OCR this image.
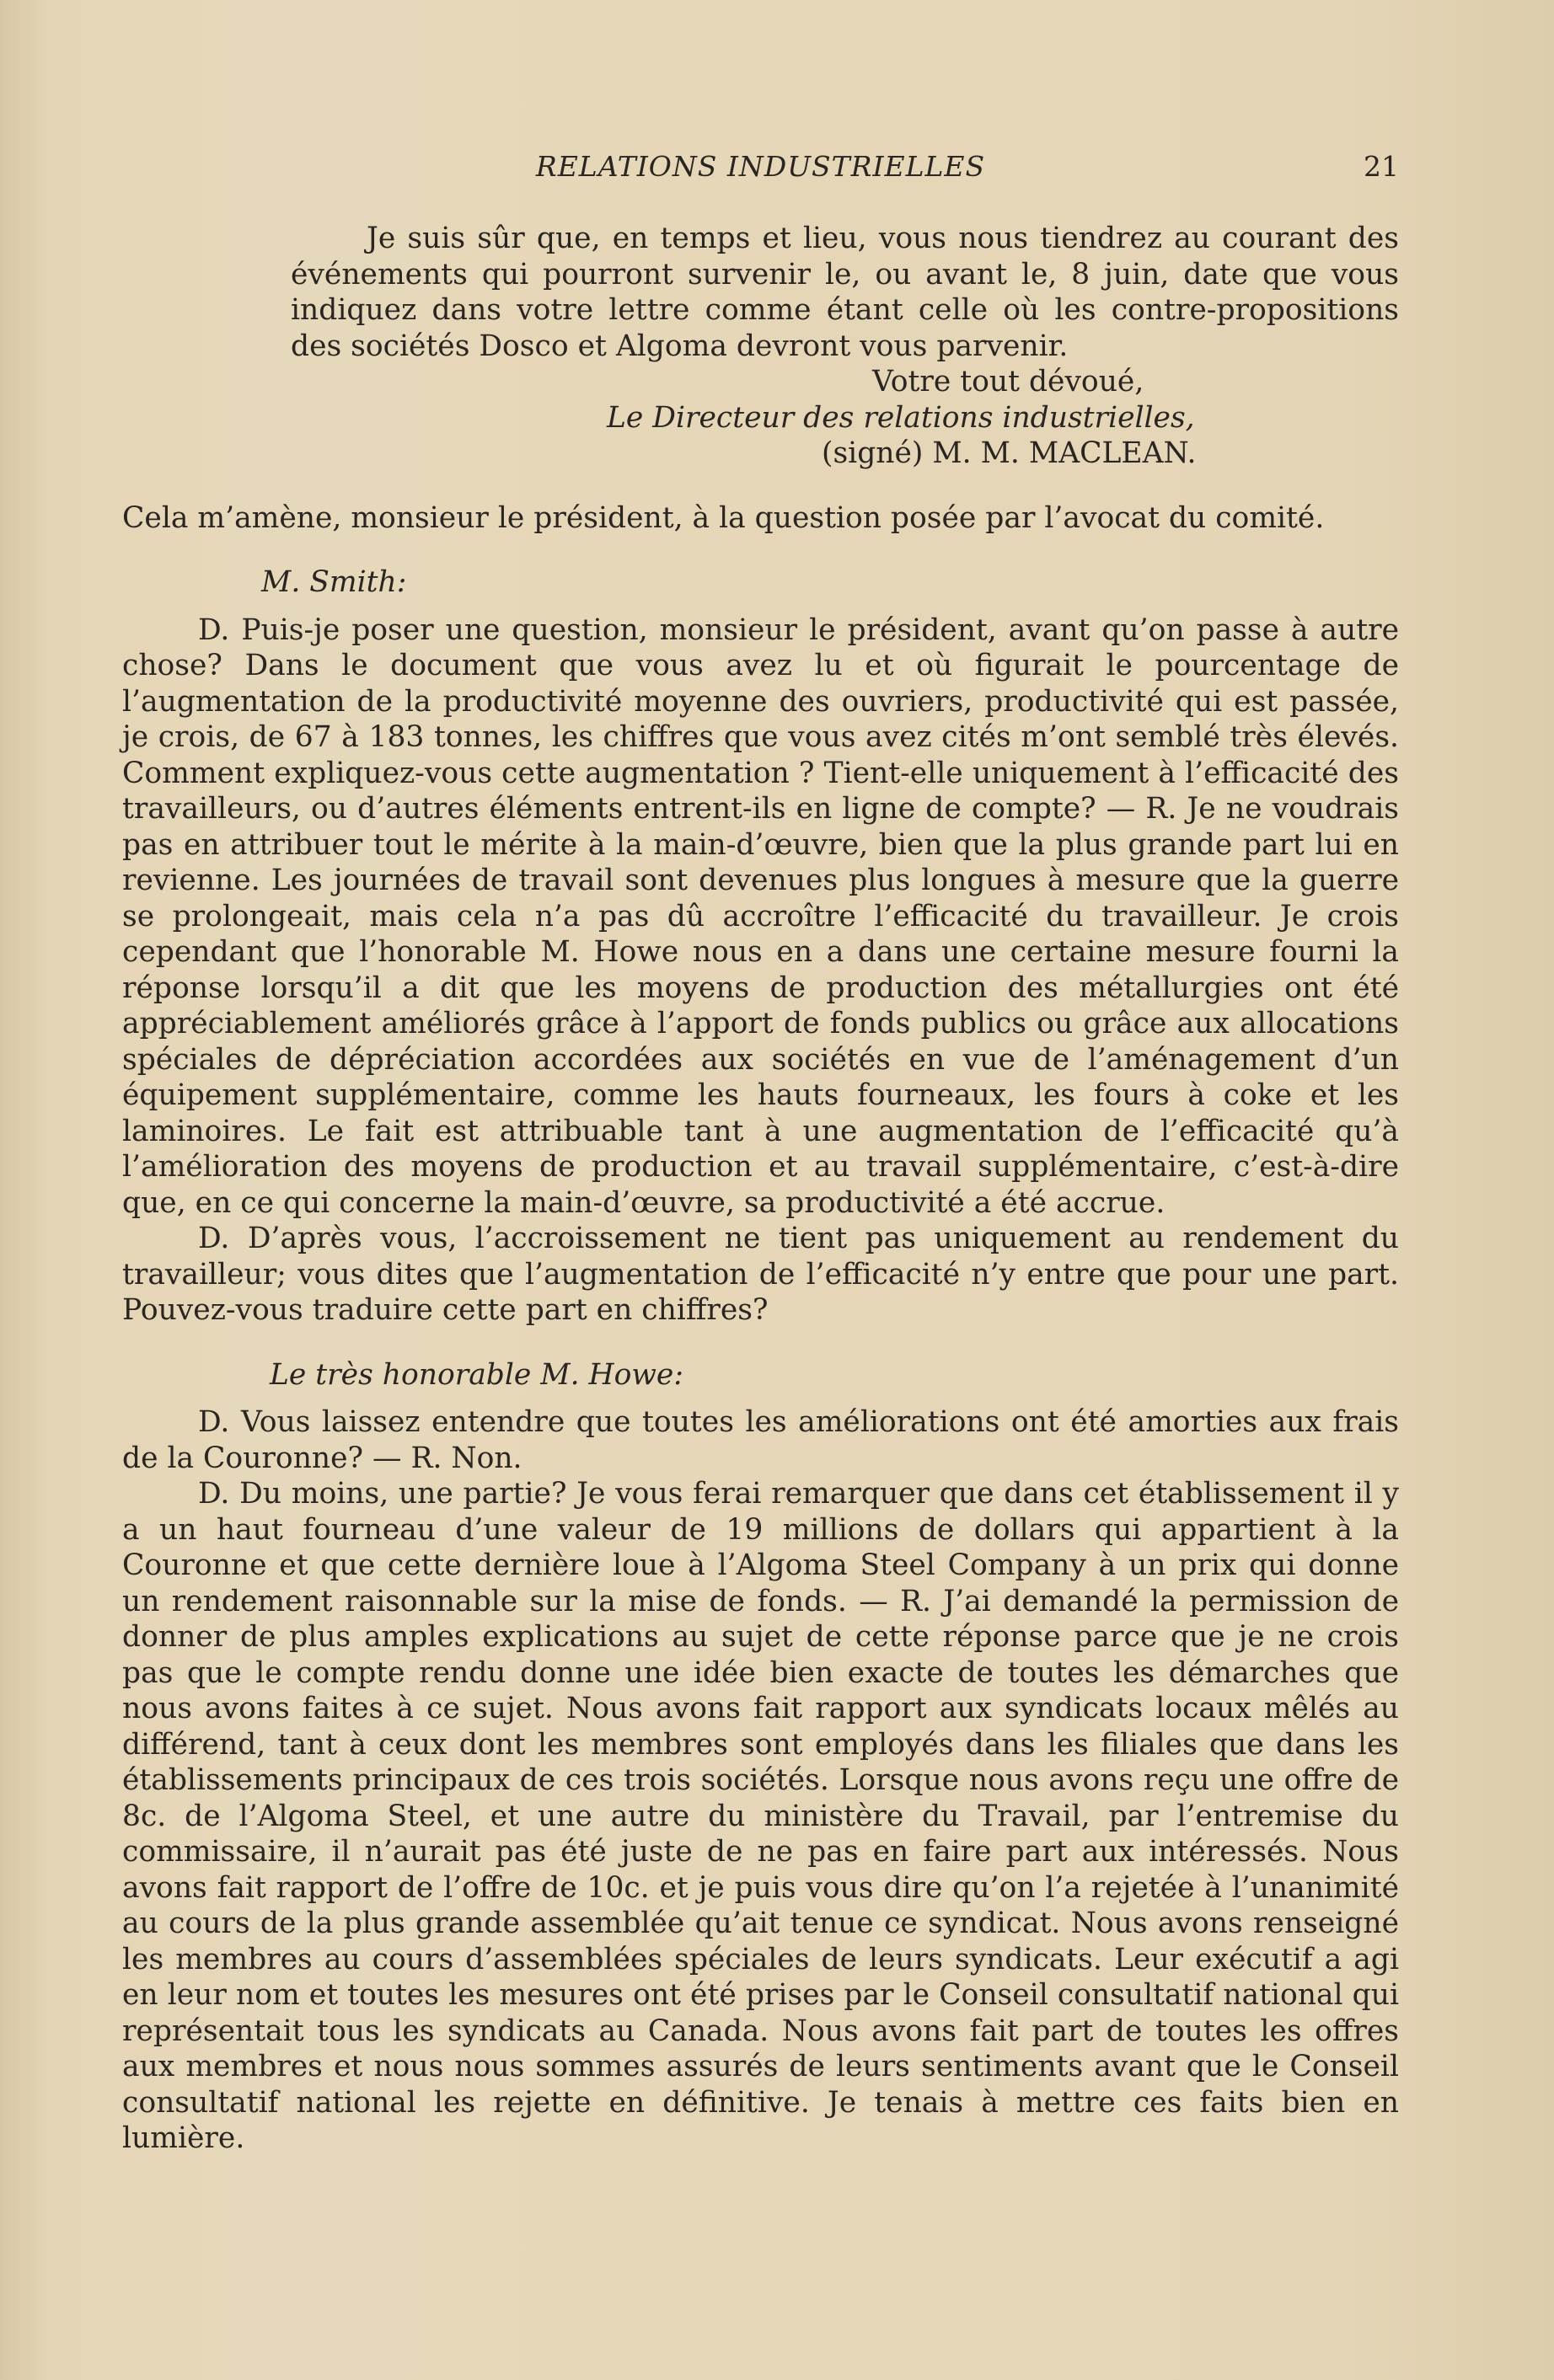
RELATIONS INDUSTRIELLES	21

Je suis sûr que, en temps et lieu, vous nous tiendrez au courant des événements qui pourront survenir le, ou avant le, 8 juin, date que vous indiquez dans votre lettre comme étant celle où les contre-propositions des sociétés Dosco et Algoma devront vous parvenir.

Votre tout dévoué,

Le Directeur des relations industrielles,

(signé) M. M. MACLEAN.

Cela m’amène, monsieur le président, à la question posée par l’avocat du comité.

M. Smith:

D. Puis-je poser une question, monsieur le président, avant qu’on passe à autre chose? Dans le document que vous avez lu et où figurait le pourcentage de l’augmentation de la productivité moyenne des ouvriers, productivité qui est passée, je crois, de 67 à 183 tonnes, les chiffres que vous avez cités m’ont semblé très élevés. Comment expliquez-vous cette augmentation ? Tient-elle uniquement à l’efficacité des travailleurs, ou d’autres éléments entrent-ils en ligne de compte? — R. Je ne voudrais pas en attribuer tout le mérite à la main-d’œuvre, bien que la plus grande part lui en revienne. Les journées de travail sont devenues plus longues à mesure que la guerre se prolongeait, mais cela n’a pas dû accroître l’efficacité du travailleur. Je crois cependant que l’honorable M. Howe nous en a dans une certaine mesure fourni la réponse lorsqu’il a dit que les moyens de production des métallurgies ont été appréciablement améliorés grâce à l’apport de fonds publics ou grâce aux allocations spéciales de dépréciation accordées aux sociétés en vue de l’aménagement d’un équipement supplémentaire, comme les hauts fourneaux, les fours à coke et les laminoires. Le fait est attribuable tant à une augmentation de l’efficacité qu’à l’amélioration des moyens de production et au travail supplémentaire, c’est-à-dire que, en ce qui concerne la main-d’œuvre, sa productivité a été accrue.

D. D’après vous, l’accroissement ne tient pas uniquement au rendement du travailleur; vous dites que l’augmentation de l’efficacité n’y entre que pour une part. Pouvez-vous traduire cette part en chiffres?

Le très honorable M. Howe:

D. Vous laissez entendre que toutes les améliorations ont été amorties aux frais de la Couronne? — R. Non.

D. Du moins, une partie? Je vous ferai remarquer que dans cet établissement il y a un haut fourneau d’une valeur de 19 millions de dollars qui appartient à la Couronne et que cette dernière loue à l’Algoma Steel Company à un prix qui donne un rendement raisonnable sur la mise de fonds. — R. J’ai demandé la permission de donner de plus amples explications au sujet de cette réponse parce que je ne crois pas que le compte rendu donne une idée bien exacte de toutes les démarches que nous avons faites à ce sujet. Nous avons fait rapport aux syndicats locaux mêlés au différend, tant à ceux dont les membres sont employés dans les filiales que dans les établissements principaux de ces trois sociétés. Lorsque nous avons reçu une offre de 8c. de l’Algoma Steel, et une autre du ministère du Travail, par l’entremise du commissaire, il n’aurait pas été juste de ne pas en faire part aux intéressés. Nous avons fait rapport de l’offre de 10c. et je puis vous dire qu’on l’a rejetée à l’unanimité au cours de la plus grande assemblée qu’ait tenue ce syndicat. Nous avons renseigné les membres au cours d’assemblées spéciales de leurs syndicats. Leur exécutif a agi en leur nom et toutes les mesures ont été prises par le Conseil consultatif national qui représentait tous les syndicats au Canada. Nous avons fait part de toutes les offres aux membres et nous nous sommes assurés de leurs sentiments avant que le Conseil consultatif national les rejette en définitive. Je tenais à mettre ces faits bien en lumière.
